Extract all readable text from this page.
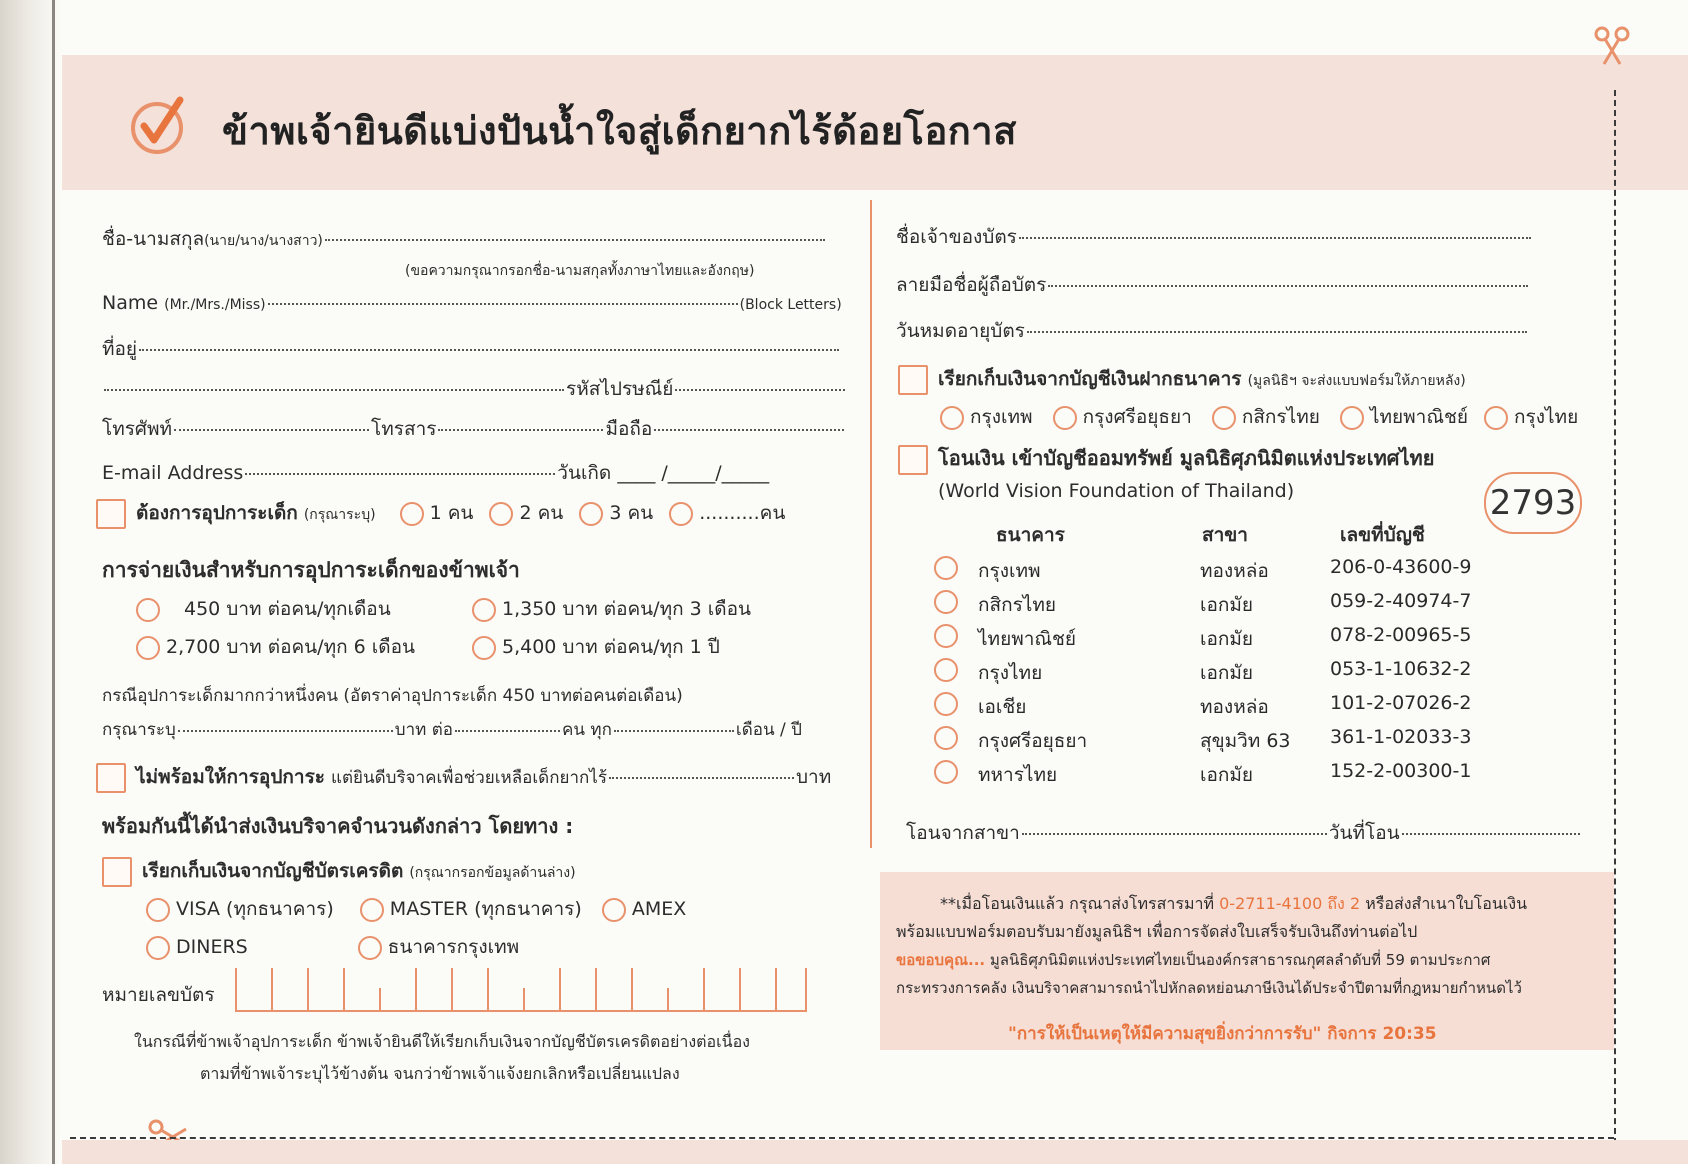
ข้าพเจ้ายินดีแบ่งปันน้ำใจสู่เด็กยากไร้ด้อยโอกาส
ชื่อ-นามสกุล(นาย/นาง/นางสาว)
(ขอความกรุณากรอกชื่อ-นามสกุลทั้งภาษาไทยและอังกฤษ)
Name (Mr./Mrs./Miss)	(Block Letters)
ที่อยู่
รหัสไปรษณีย์
โทรศัพท์	โทรสาร	มือถือ
E-mail Address	วันเกิด ____ /_____/_____
ต้องการอุปการะเด็ก (กรุณาระบุ)	1 คน 2 คน 3 คน ..........คน
การจ่ายเงินสำหรับการอุปการะเด็กของข้าพเจ้า
450 บาท ต่อคน/ทุกเดือน	1,350 บาท ต่อคน/ทุก 3 เดือน
2,700 บาท ต่อคน/ทุก 6 เดือน	5,400 บาท ต่อคน/ทุก 1 ปี
กรณีอุปการะเด็กมากกว่าหนึ่งคน (อัตราค่าอุปการะเด็ก 450 บาทต่อคนต่อเดือน)
กรุณาระบุ	บาท ต่อ	คน ทุก	เดือน / ปี
ไม่พร้อมให้การอุปการะ แต่ยินดีบริจาคเพื่อช่วยเหลือเด็กยากไร้	บาท
พร้อมกันนี้ได้นำส่งเงินบริจาคจำนวนดังกล่าว โดยทาง :
เรียกเก็บเงินจากบัญชีบัตรเครดิต (กรุณากรอกข้อมูลด้านล่าง)
VISA (ทุกธนาคาร)	MASTER (ทุกธนาคาร)	AMEX
DINERS	ธนาคารกรุงเทพ
หมายเลขบัตร
ในกรณีที่ข้าพเจ้าอุปการะเด็ก ข้าพเจ้ายินดีให้เรียกเก็บเงินจากบัญชีบัตรเครดิตอย่างต่อเนื่อง
ตามที่ข้าพเจ้าระบุไว้ข้างต้น จนกว่าข้าพเจ้าแจ้งยกเลิกหรือเปลี่ยนแปลง
ชื่อเจ้าของบัตร
ลายมือชื่อผู้ถือบัตร
วันหมดอายุบัตร
เรียกเก็บเงินจากบัญชีเงินฝากธนาคาร (มูลนิธิฯ จะส่งแบบฟอร์มให้ภายหลัง)
กรุงเทพ	กรุงศรีอยุธยา	กสิกรไทย	ไทยพาณิชย์ กรุงไทย
โอนเงิน เข้าบัญชีออมทรัพย์ มูลนิธิศุภนิมิตแห่งประเทศไทย
(World Vision Foundation of Thailand)	2793
ธนาคาร	สาขา	เลขที่บัญชี
กรุงเทพ	ทองหล่อ	206-0-43600-9
กสิกรไทย	เอกมัย	059-2-40974-7
ไทยพาณิชย์	เอกมัย	078-2-00965-5
กรุงไทย	เอกมัย	053-1-10632-2
เอเชีย	ทองหล่อ	101-2-07026-2
กรุงศรีอยุธยา	สุขุมวิท 63 361-1-02033-3
ทหารไทย	เอกมัย	152-2-00300-1
โอนจากสาขา	วันที่โอน
**เมื่อโอนเงินแล้ว กรุณาส่งโทรสารมาที่ 0-2711-4100 ถึง 2 หรือส่งสำเนาใบโอนเงิน
พร้อมแบบฟอร์มตอบรับมายังมูลนิธิฯ เพื่อการจัดส่งใบเสร็จรับเงินถึงท่านต่อไป
ขอขอบคุณ... มูลนิธิศุภนิมิตแห่งประเทศไทยเป็นองค์กรสาธารณกุศลลำดับที่ 59 ตามประกาศ
กระทรวงการคลัง เงินบริจาคสามารถนำไปหักลดหย่อนภาษีเงินได้ประจำปีตามที่กฎหมายกำหนดไว้
"การให้เป็นเหตุให้มีความสุขยิ่งกว่าการรับ" กิจการ 20:35
